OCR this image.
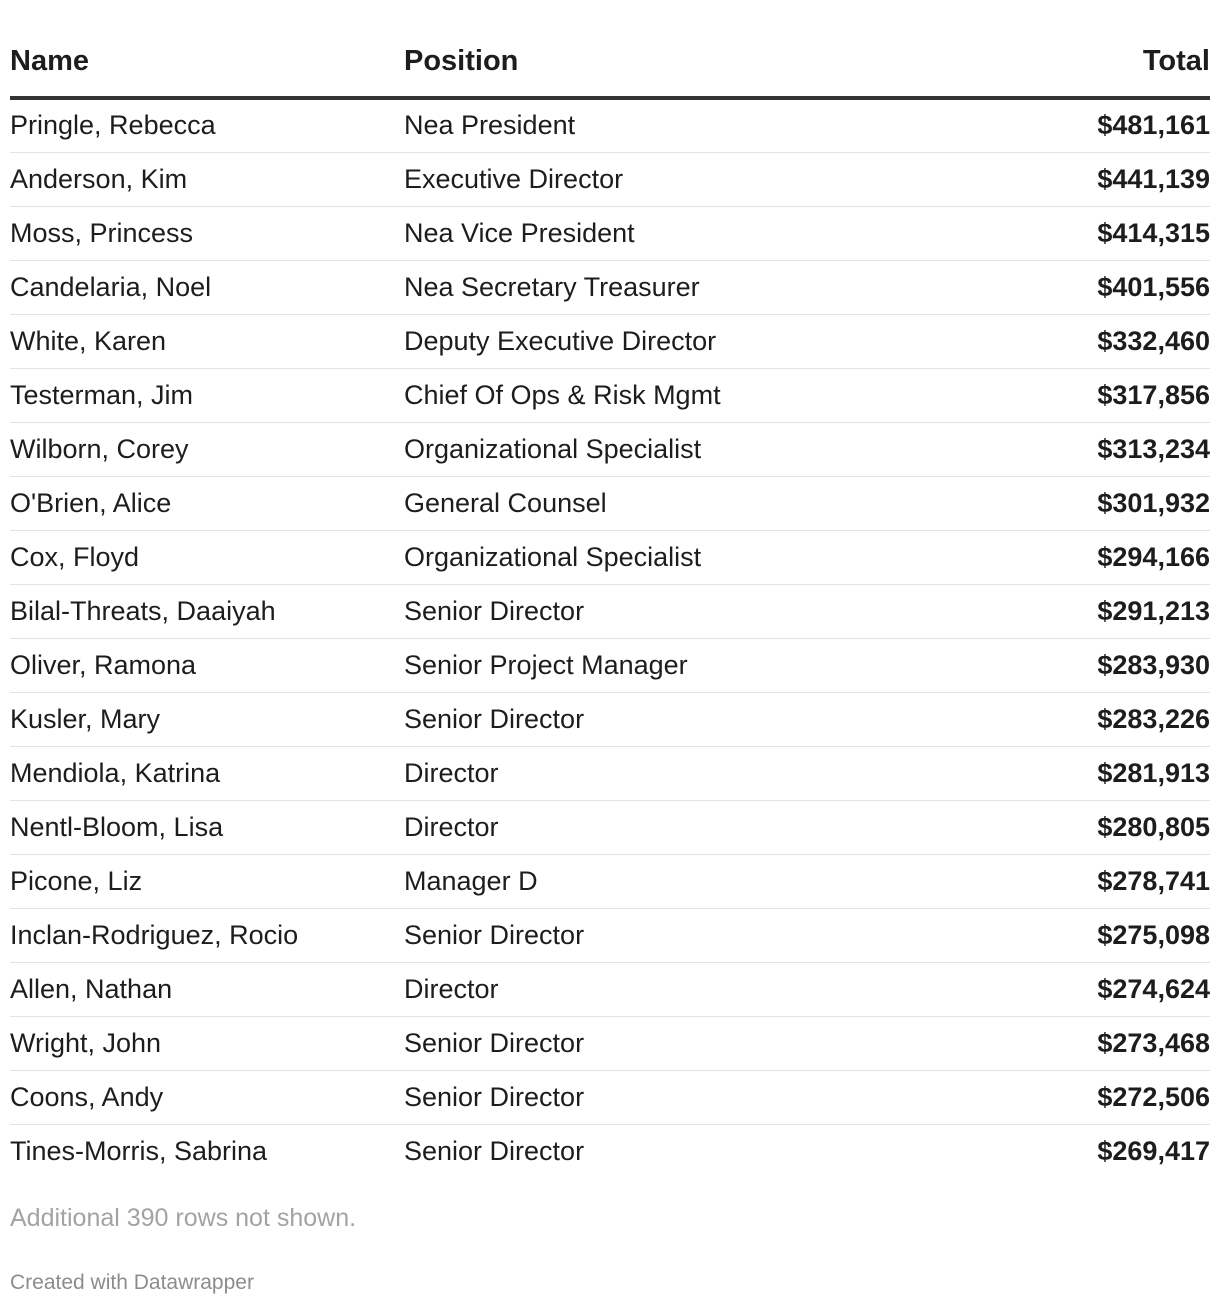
Name	Position	Total
Pringle, Rebecca	Nea President	$481,161
Anderson, Kim	Executive Director	$441,139
Moss, Princess	Nea Vice President	$414,315
Candelaria, Noel	Nea Secretary Treasurer	$401,556
White, Karen	Deputy Executive Director	$332,460
Testerman, Jim	Chief Of Ops & Risk Mgmt	$317,856
Wilborn, Corey	Organizational Specialist	$313,234
O'Brien, Alice	General Counsel	$301,932
Cox, Floyd	Organizational Specialist	$294,166
Bilal-Threats, Daaiyah	Senior Director	$291,213
Oliver, Ramona	Senior Project Manager	$283,930
Kusler, Mary	Senior Director	$283,226
Mendiola, Katrina	Director	$281,913
Nentl-Bloom, Lisa	Director	$280,805
Picone, Liz	Manager D	$278,741
Inclan-Rodriguez, Rocio	Senior Director	$275,098
Allen, Nathan	Director	$274,624
Wright, John	Senior Director	$273,468
Coons, Andy	Senior Director	$272,506
Tines-Morris, Sabrina	Senior Director	$269,417
Additional 390 rows not shown.
Created with Datawrapper
